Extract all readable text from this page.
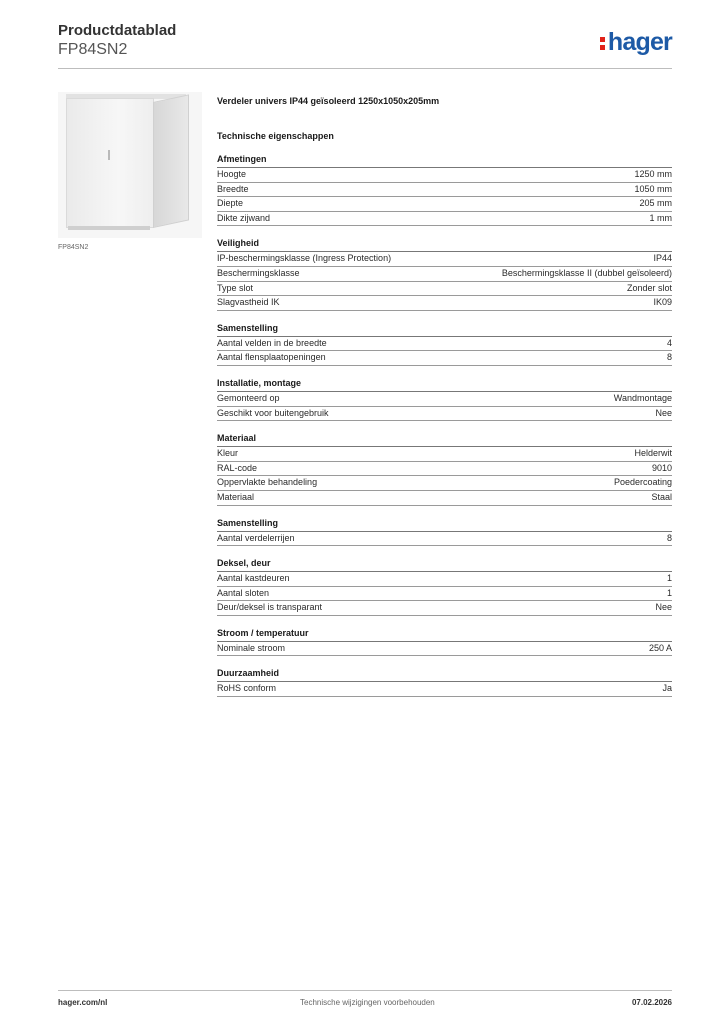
Productdatablad
FP84SN2	hager
FP84SN2
Verdeler univers IP44 geïsoleerd 1250x1050x205mm
Technische eigenschappen
Afmetingen
Hoogte	1250 mm
Breedte	1050 mm
Diepte	205 mm
Dikte zijwand	1 mm
Veiligheid
IP-beschermingsklasse (Ingress Protection)	IP44
Beschermingsklasse	Beschermingsklasse II (dubbel geïsoleerd)
Type slot	Zonder slot
Slagvastheid IK	IK09
Samenstelling
Aantal velden in de breedte	4
Aantal flensplaatopeningen	8
Installatie, montage
Gemonteerd op	Wandmontage
Geschikt voor buitengebruik	Nee
Materiaal
Kleur	Helderwit
RAL-code	9010
Oppervlakte behandeling	Poedercoating
Materiaal	Staal
Samenstelling
Aantal verdelerrijen	8
Deksel, deur
Aantal kastdeuren	1
Aantal sloten	1
Deur/deksel is transparant	Nee
Stroom / temperatuur
Nominale stroom	250 A
Duurzaamheid
RoHS conform	Ja
hager.com/nl	Technische wijzigingen voorbehouden	07.02.2026
